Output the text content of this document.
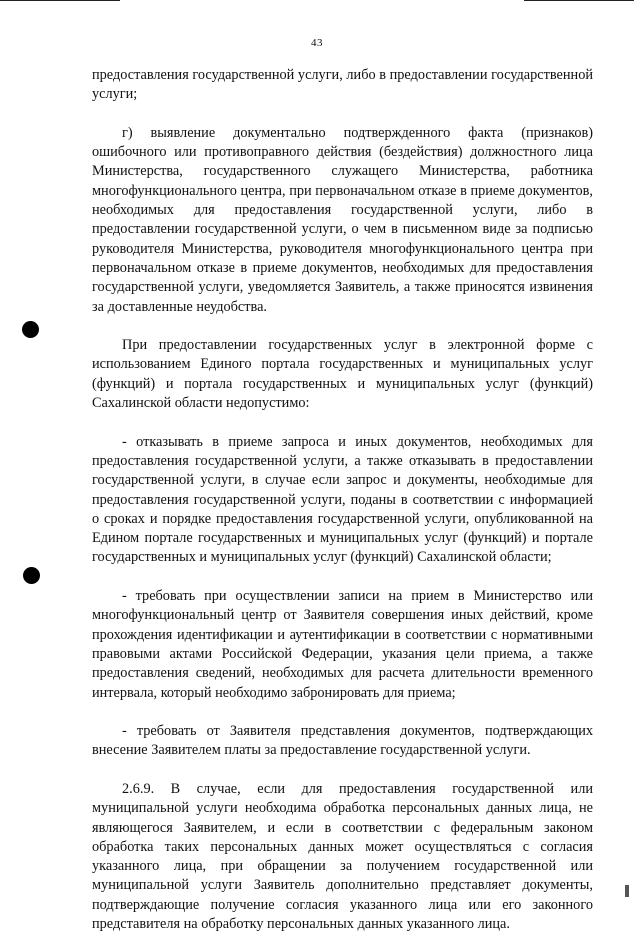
43

предоставления государственной услуги, либо в предоставлении государственной услуги;

г) выявление документально подтвержденного факта (признаков) ошибочного или противоправного действия (бездействия) должностного лица Министерства, государственного служащего Министерства, работника многофункционального центра, при первоначальном отказе в приеме документов, необходимых для предоставления государственной услуги, либо в предоставлении государственной услуги, о чем в письменном виде за подписью руководителя Министерства, руководителя многофункционального центра при первоначальном отказе в приеме документов, необходимых для предоставления государственной услуги, уведомляется Заявитель, а также приносятся извинения за доставленные неудобства.

При предоставлении государственных услуг в электронной форме с использованием Единого портала государственных и муниципальных услуг (функций) и портала государственных и муниципальных услуг (функций) Сахалинской области недопустимо:

- отказывать в приеме запроса и иных документов, необходимых для предоставления государственной услуги, а также отказывать в предоставлении государственной услуги, в случае если запрос и документы, необходимые для предоставления государственной услуги, поданы в соответствии с информацией о сроках и порядке предоставления государственной услуги, опубликованной на Едином портале государственных и муниципальных услуг (функций) и портале государственных и муниципальных услуг (функций) Сахалинской области;

- требовать при осуществлении записи на прием в Министерство или многофункциональный центр от Заявителя совершения иных действий, кроме прохождения идентификации и аутентификации в соответствии с нормативными правовыми актами Российской Федерации, указания цели приема, а также предоставления сведений, необходимых для расчета длительности временного интервала, который необходимо забронировать для приема;

- требовать от Заявителя представления документов, подтверждающих внесение Заявителем платы за предоставление государственной услуги.

2.6.9. В случае, если для предоставления государственной или муниципальной услуги необходима обработка персональных данных лица, не являющегося Заявителем, и если в соответствии с федеральным законом обработка таких персональных данных может осуществляться с согласия указанного лица, при обращении за получением государственной или муниципальной услуги Заявитель дополнительно представляет документы, подтверждающие получение согласия указанного лица или его законного представителя на обработку персональных данных указанного лица.
